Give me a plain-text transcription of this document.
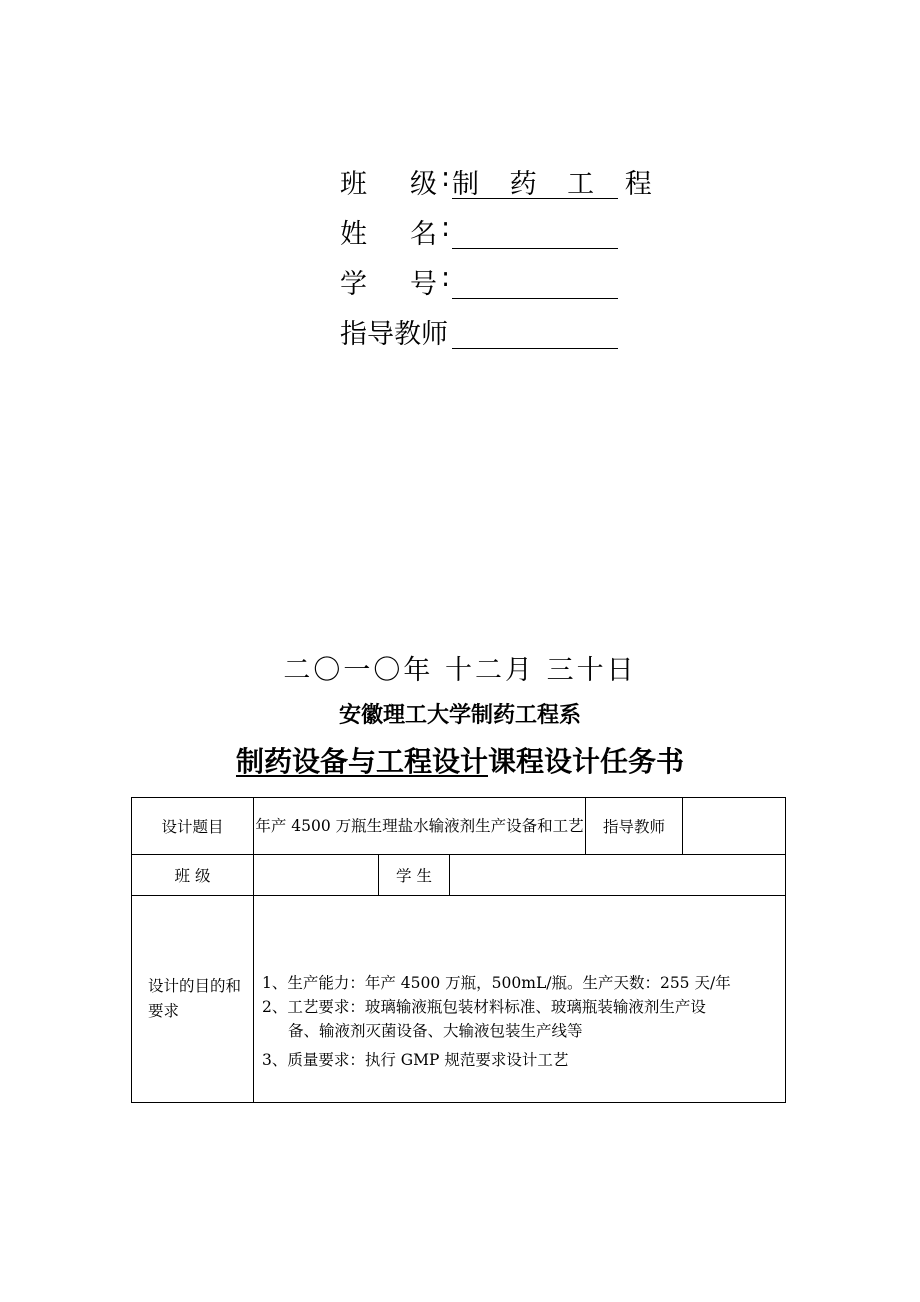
班 级 : 制 药 工 程
姓 名 :
学 号 :
指导教师
二〇一〇年 十二月 三十日
安徽理工大学制药工程系
制药设备与工程设计课程设计任务书
设计题目	年产 4500 万瓶生理盐水输液剂生产设备和工艺			指导教师	
班 级		学 生			
设计的目的和要求	1、生产能力：年产 4500 万瓶，500mL/瓶。生产天数：255 天/年
2、工艺要求：玻璃输液瓶包装材料标准、玻璃瓶装输液剂生产设
备、输液剂灭菌设备、大输液包装生产线等
3、质量要求：执行 GMP 规范要求设计工艺				
